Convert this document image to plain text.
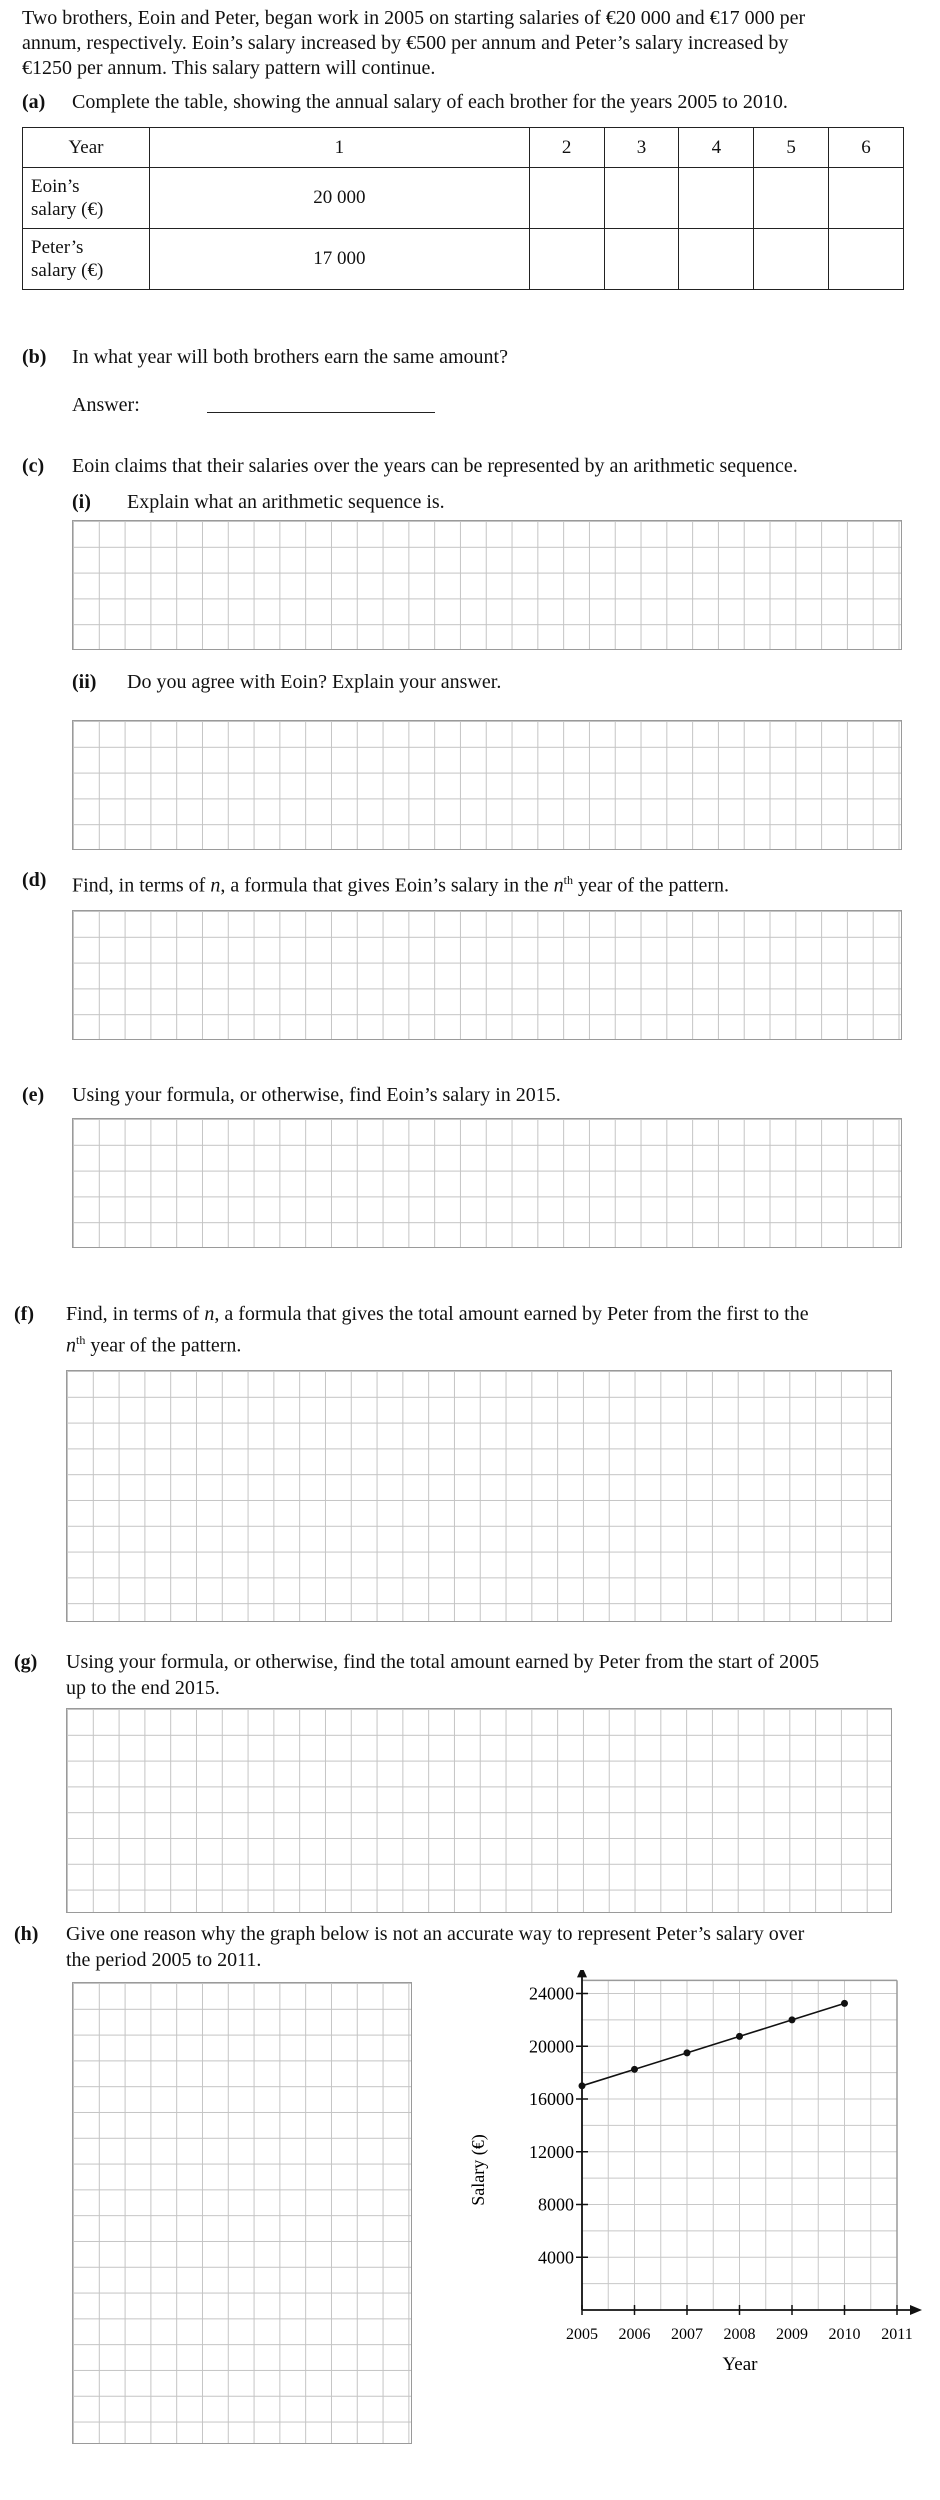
Two brothers, Eoin and Peter, began work in 2005 on starting salaries of €20 000 and €17 000 per
annum, respectively. Eoin’s salary increased by €500 per annum and Peter’s salary increased by
€1250 per annum. This salary pattern will continue.
(a) Complete the table, showing the annual salary of each brother for the years 2005 to 2010.
Year	1	2	3	4	5	6

Eoin’s
salary (€)	20 000					

Peter’s
salary (€)	17 000					
(b) In what year will both brothers earn the same amount?
Answer:
(c) Eoin claims that their salaries over the years can be represented by an arithmetic sequence.
(i) Explain what an arithmetic sequence is.
(ii) Do you agree with Eoin? Explain your answer.
(d) Find, in terms of n, a formula that gives Eoin’s salary in the $n^{th}$ year of the pattern.
(e) Using your formula, or otherwise, find Eoin’s salary in 2015.
(f) Find, in terms of n, a formula that gives the total amount earned by Peter from the first to the
$n^{th}$ year of the pattern.
(g) Using your formula, or otherwise, find the total amount earned by Peter from the start of 2005
up to the end 2015.
(h) Give one reason why the graph below is not an accurate way to represent Peter’s salary over
the period 2005 to 2011.
4000
8000
12000
16000
20000
24000
2005 2006 2007 2008 2009 2010 2011
Salary (€)
Year
